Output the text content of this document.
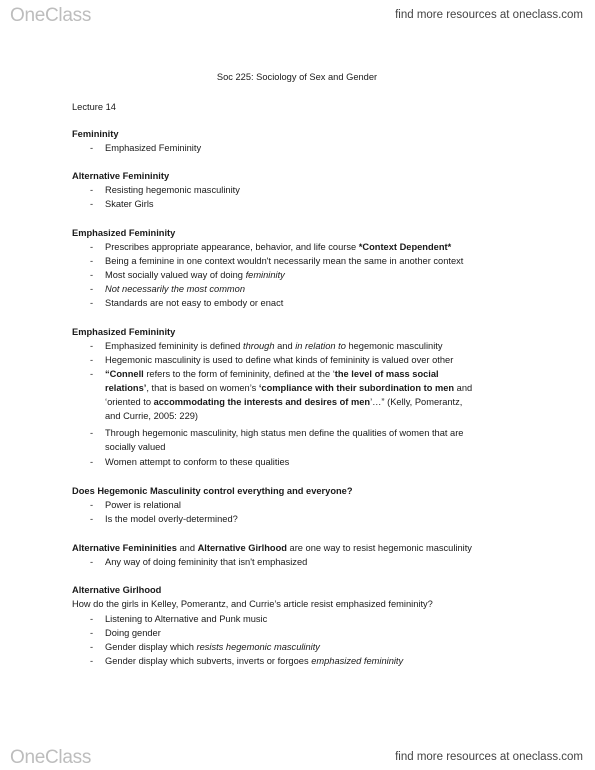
OneClass	find more resources at oneclass.com
Soc 225: Sociology of Sex and Gender
Lecture 14
Femininity
- Emphasized Femininity
Alternative Femininity
- Resisting hegemonic masculinity
- Skater Girls
Emphasized Femininity
- Prescribes appropriate appearance, behavior, and life course *Context Dependent*
- Being a feminine in one context wouldn't necessarily mean the same in another context
- Most socially valued way of doing femininity
- Not necessarily the most common
- Standards are not easy to embody or enact
Emphasized Femininity
- Emphasized femininity is defined through and in relation to hegemonic masculinity
- Hegemonic masculinity is used to define what kinds of femininity is valued over other
- “Connell refers to the form of femininity, defined at the ‘the level of mass social
relations’, that is based on women’s ‘compliance with their subordination to men and
‘oriented to accommodating the interests and desires of men’…” (Kelly, Pomerantz,
and Currie, 2005: 229)
- Through hegemonic masculinity, high status men define the qualities of women that are
socially valued
- Women attempt to conform to these qualities
Does Hegemonic Masculinity control everything and everyone?
- Power is relational
- Is the model overly-determined?
Alternative Femininities and Alternative Girlhood are one way to resist hegemonic masculinity
- Any way of doing femininity that isn't emphasized
Alternative Girlhood
How do the girls in Kelley, Pomerantz, and Currie’s article resist emphasized femininity?
- Listening to Alternative and Punk music
- Doing gender
- Gender display which resists hegemonic masculinity
- Gender display which subverts, inverts or forgoes emphasized femininity
OneClass	find more resources at oneclass.com
